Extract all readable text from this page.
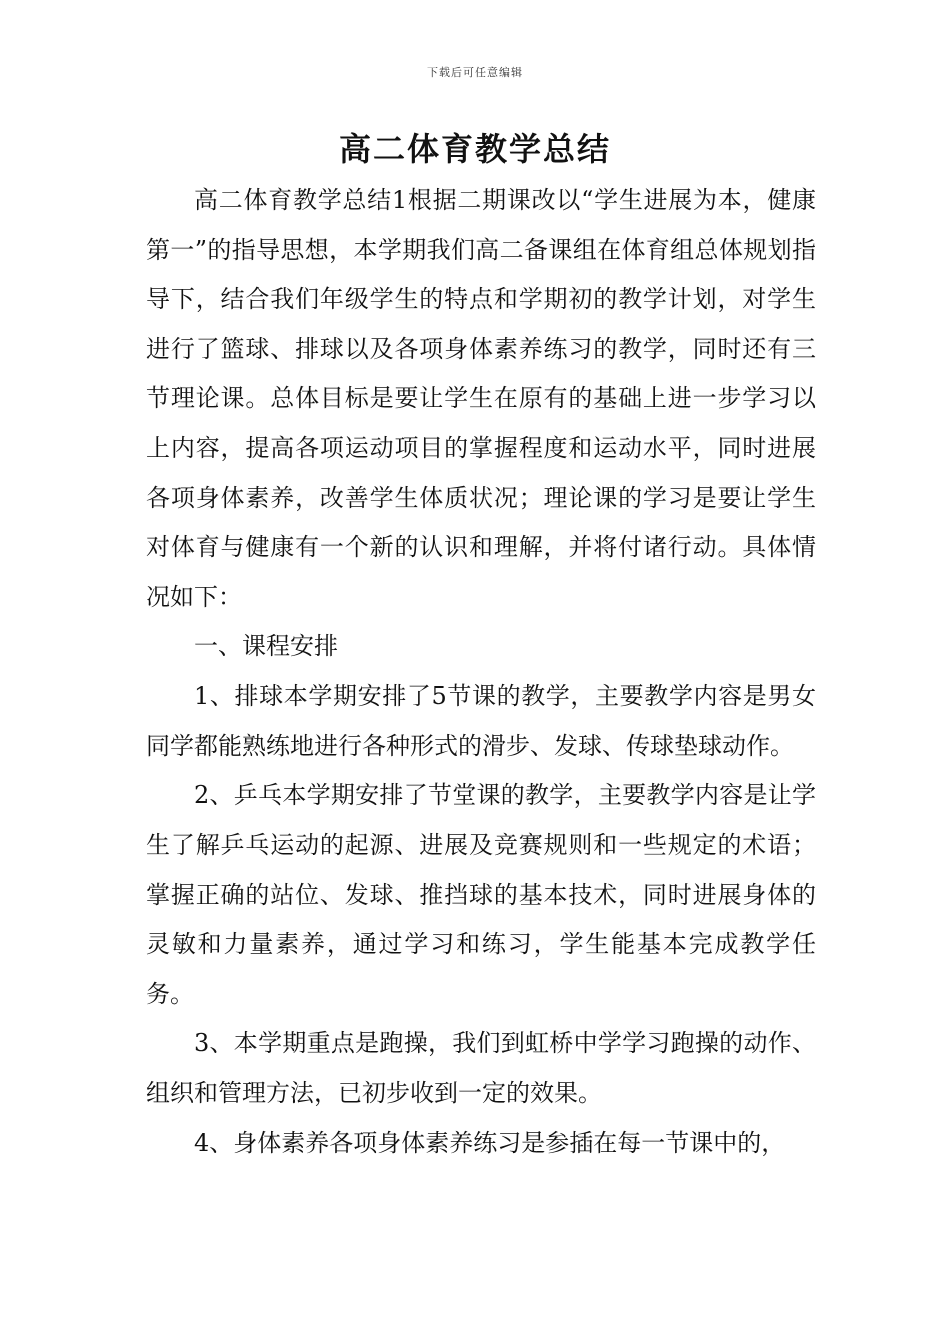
下载后可任意编辑
高二体育教学总结

高二体育教学总结1根据二期课改以“学生进展为本，健康第一”的指导思想，本学期我们高二备课组在体育组总体规划指导下，结合我们年级学生的特点和学期初的教学计划，对学生进行了篮球、排球以及各项身体素养练习的教学，同时还有三节理论课。总体目标是要让学生在原有的基础上进一步学习以上内容，提高各项运动项目的掌握程度和运动水平，同时进展各项身体素养，改善学生体质状况；理论课的学习是要让学生对体育与健康有一个新的认识和理解，并将付诸行动。具体情况如下：

一、课程安排

1、排球本学期安排了5节课的教学，主要教学内容是男女同学都能熟练地进行各种形式的滑步、发球、传球垫球动作。

2、乒乓本学期安排了节堂课的教学，主要教学内容是让学生了解乒乓运动的起源、进展及竞赛规则和一些规定的术语；掌握正确的站位、发球、推挡球的基本技术，同时进展身体的灵敏和力量素养，通过学习和练习，学生能基本完成教学任务。

3、本学期重点是跑操，我们到虹桥中学学习跑操的动作、组织和管理方法，已初步收到一定的效果。

4、身体素养各项身体素养练习是参插在每一节课中的，
